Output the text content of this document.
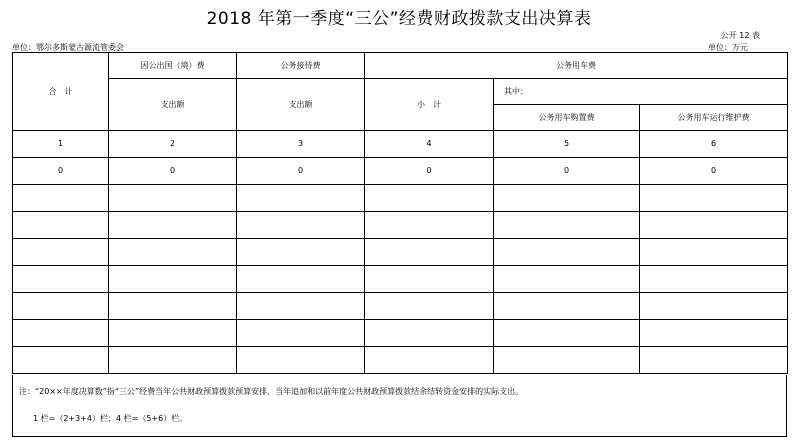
2018 年第一季度“三公”经费财政拨款支出决算表
公开 12 表
单位：鄂尔多斯蒙古源流管委会	单位：万元
合　计	因公出国（境）费	公务接待费	公务用车费		
	支出额	支出额	小　计	其中：	
				公务用车购置费	公务用车运行维护费
1	2	3	4	5	6
0	0	0	0	0	0

注：“20××年度决算数”指“三公”经费当年公共财政预算拨款预算安排、当年追加和以前年度公共财政预算拨款结余结转资金安排的实际支出。
1 栏=（2+3+4）栏；4 栏=（5+6）栏。
